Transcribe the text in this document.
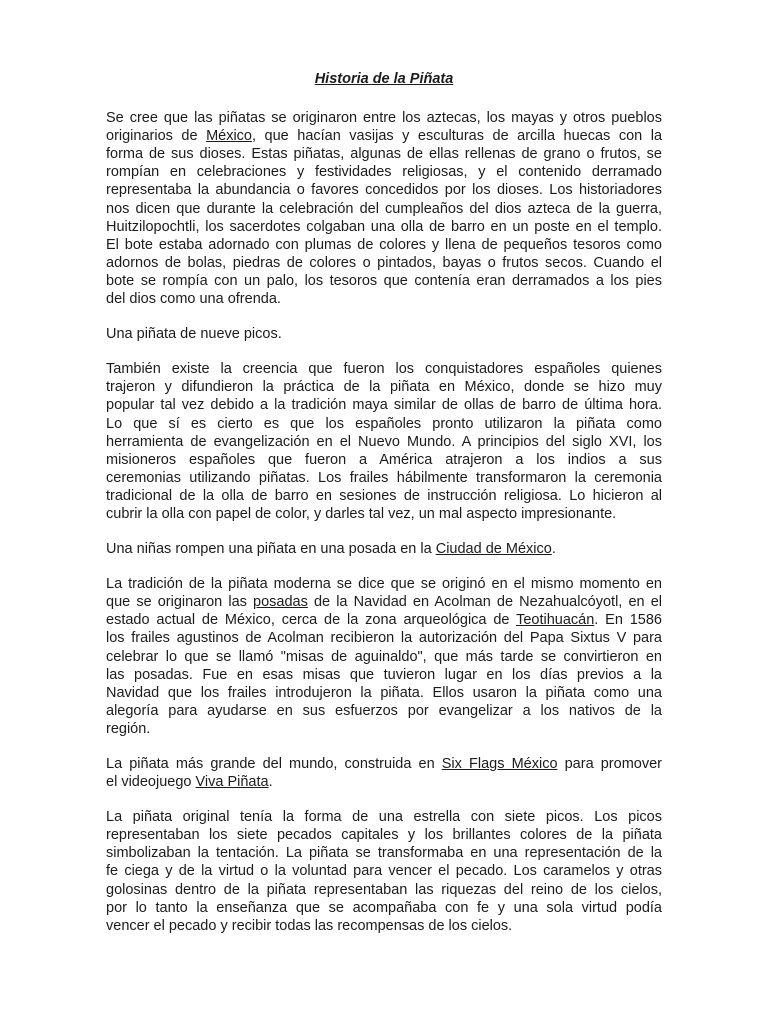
Historia de la Piñata
Se cree que las piñatas se originaron entre los aztecas, los mayas y otros pueblos
originarios de México, que hacían vasijas y esculturas de arcilla huecas con la
forma de sus dioses. Estas piñatas, algunas de ellas rellenas de grano o frutos, se
rompían en celebraciones y festividades religiosas, y el contenido derramado
representaba la abundancia o favores concedidos por los dioses. Los historiadores
nos dicen que durante la celebración del cumpleaños del dios azteca de la guerra,
Huitzilopochtli, los sacerdotes colgaban una olla de barro en un poste en el templo.
El bote estaba adornado con plumas de colores y llena de pequeños tesoros como
adornos de bolas, piedras de colores o pintados, bayas o frutos secos. Cuando el
bote se rompía con un palo, los tesoros que contenía eran derramados a los pies
del dios como una ofrenda.
Una piñata de nueve picos.
También existe la creencia que fueron los conquistadores españoles quienes
trajeron y difundieron la práctica de la piñata en México, donde se hizo muy
popular tal vez debido a la tradición maya similar de ollas de barro de última hora.
Lo que sí es cierto es que los españoles pronto utilizaron la piñata como
herramienta de evangelización en el Nuevo Mundo. A principios del siglo XVI, los
misioneros españoles que fueron a América atrajeron a los indios a sus
ceremonias utilizando piñatas. Los frailes hábilmente transformaron la ceremonia
tradicional de la olla de barro en sesiones de instrucción religiosa. Lo hicieron al
cubrir la olla con papel de color, y darles tal vez, un mal aspecto impresionante.
Una niñas rompen una piñata en una posada en la Ciudad de México.
La tradición de la piñata moderna se dice que se originó en el mismo momento en
que se originaron las posadas de la Navidad en Acolman de Nezahualcóyotl, en el
estado actual de México, cerca de la zona arqueológica de Teotihuacán. En 1586
los frailes agustinos de Acolman recibieron la autorización del Papa Sixtus V para
celebrar lo que se llamó "misas de aguinaldo", que más tarde se convirtieron en
las posadas. Fue en esas misas que tuvieron lugar en los días previos a la
Navidad que los frailes introdujeron la piñata. Ellos usaron la piñata como una
alegoría para ayudarse en sus esfuerzos por evangelizar a los nativos de la
región.
La piñata más grande del mundo, construida en Six Flags México para promover
el videojuego Viva Piñata.
La piñata original tenía la forma de una estrella con siete picos. Los picos
representaban los siete pecados capitales y los brillantes colores de la piñata
simbolizaban la tentación. La piñata se transformaba en una representación de la
fe ciega y de la virtud o la voluntad para vencer el pecado. Los caramelos y otras
golosinas dentro de la piñata representaban las riquezas del reino de los cielos,
por lo tanto la enseñanza que se acompañaba con fe y una sola virtud podía
vencer el pecado y recibir todas las recompensas de los cielos.
